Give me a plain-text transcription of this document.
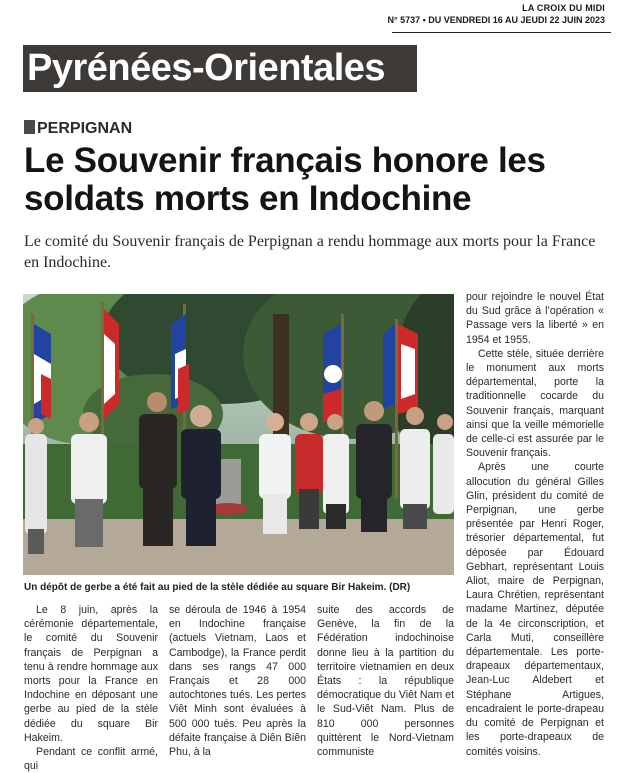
LA CROIX DU MIDI
N° 5737 • DU VENDREDI 16 AU JEUDI 22 JUIN 2023
Pyrénées-Orientales
PERPIGNAN
Le Souvenir français honore les soldats morts en Indochine
Le comité du Souvenir français de Perpignan a rendu hommage aux morts pour la France en Indochine.
Un dépôt de gerbe a été fait au pied de la stèle dédiée au square Bir Hakeim. (DR)

Le 8 juin, après la cérémonie départementale, le comité du Souvenir français de Perpignan a tenu à rendre hommage aux morts pour la France en Indochine en déposant une gerbe au pied de la stèle dédiée du square Bir Hakeim.

Pendant ce conflit armé, qui

se déroula de 1946 à 1954 en Indochine française (actuels Vietnam, Laos et Cambodge), la France perdit dans ses rangs 47 000 Français et 28 000 autochtones tués. Les pertes Viêt Minh sont évaluées à 500 000 tués. Peu après la défaite française à Diên Biên Phu, à la

suite des accords de Genève, la fin de la Fédération indochinoise donne lieu à la partition du territoire vietnamien en deux États : la république démocratique du Viêt Nam et le Sud-Viêt Nam. Plus de 810 000 personnes quittèrent le Nord-Vietnam communiste

pour rejoindre le nouvel État du Sud grâce à l’opération « Passage vers la liberté » en 1954 et 1955.

Cette stèle, située derrière le monument aux morts départemental, porte la traditionnelle cocarde du Souvenir français, marquant ainsi que la veille mémorielle de celle-ci est assurée par le Souvenir français.

Après une courte allocution du général Gilles Glin, président du comité de Perpignan, une gerbe présentée par Henri Roger, trésorier départemental, fut déposée par Édouard Gebhart, représentant Louis Aliot, maire de Perpignan, Laura Chrétien, représentant madame Martinez, députée de la 4e circonscription, et Carla Muti, conseillère départementale. Les porte-drapeaux départementaux, Jean-Luc Aldebert et Stéphane Artigues, encadraient le porte-drapeau du comité de Perpignan et les porte-drapeaux de comités voisins.
